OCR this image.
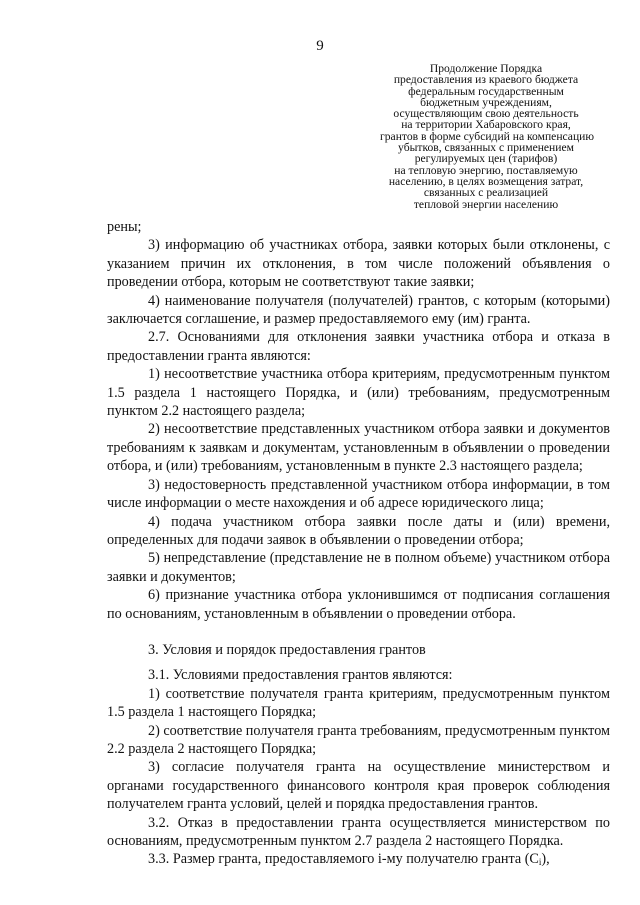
9
Продолжение Порядка
предоставления из краевого бюджета
федеральным государственным
бюджетным учреждениям,
осуществляющим свою деятельность
на территории Хабаровского края,
грантов в форме субсидий на компенсацию
убытков, связанных с применением
регулируемых цен (тарифов)
на тепловую энергию, поставляемую
населению, в целях возмещения затрат,
связанных с реализацией
тепловой энергии населению

рены;

3) информацию об участниках отбора, заявки которых были отклонены, с указанием причин их отклонения, в том числе положений объявления о проведении отбора, которым не соответствуют такие заявки;

4) наименование получателя (получателей) грантов, с которым (которыми) заключается соглашение, и размер предоставляемого ему (им) гранта.

2.7. Основаниями для отклонения заявки участника отбора и отказа в предоставлении гранта являются:

1) несоответствие участника отбора критериям, предусмотренным пунктом 1.5 раздела 1 настоящего Порядка, и (или) требованиям, предусмотренным пунктом 2.2 настоящего раздела;

2) несоответствие представленных участником отбора заявки и документов требованиям к заявкам и документам, установленным в объявлении о проведении отбора, и (или) требованиям, установленным в пункте 2.3 настоящего раздела;

3) недостоверность представленной участником отбора информации, в том числе информации о месте нахождения и об адресе юридического лица;

4) подача участником отбора заявки после даты и (или) времени, определенных для подачи заявок в объявлении о проведении отбора;

5) непредставление (представление не в полном объеме) участником отбора заявки и документов;

6) признание участника отбора уклонившимся от подписания соглашения по основаниям, установленным в объявлении о проведении отбора.

3. Условия и порядок предоставления грантов

3.1. Условиями предоставления грантов являются:

1) соответствие получателя гранта критериям, предусмотренным пунктом 1.5 раздела 1 настоящего Порядка;

2) соответствие получателя гранта требованиям, предусмотренным пунктом 2.2 раздела 2 настоящего Порядка;

3) согласие получателя гранта на осуществление министерством и органами государственного финансового контроля края проверок соблюдения получателем гранта условий, целей и порядка предоставления грантов.

3.2. Отказ в предоставлении гранта осуществляется министерством по основаниям, предусмотренным пунктом 2.7 раздела 2 настоящего Порядка.

3.3. Размер гранта, предоставляемого i-му получателю гранта $(C_i)$,
